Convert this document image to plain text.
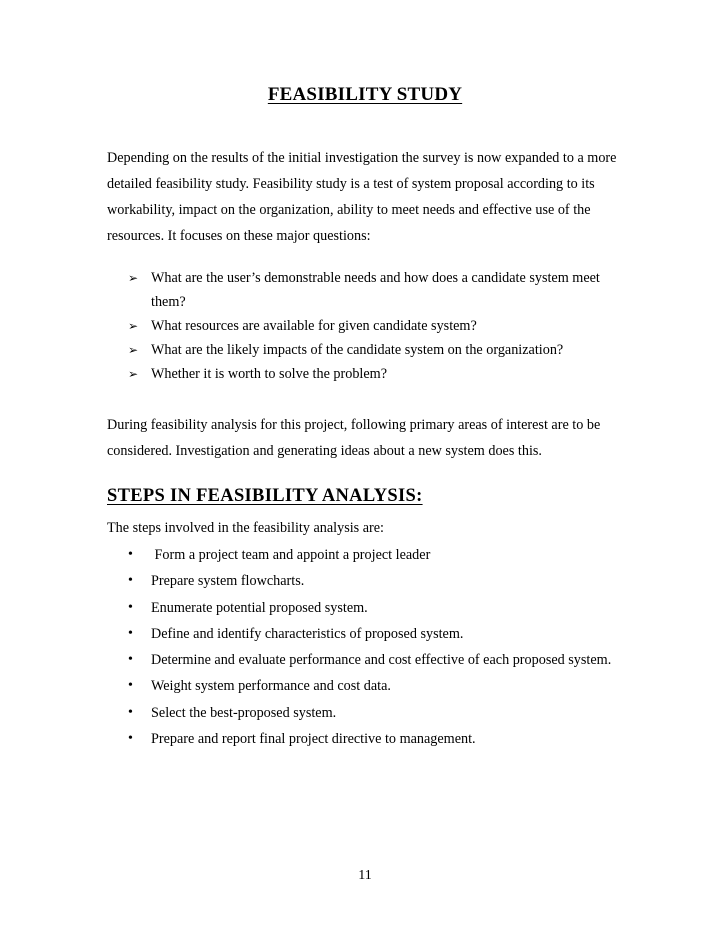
FEASIBILITY STUDY

Depending on the results of the initial investigation the survey is now expanded to a more
detailed feasibility study. Feasibility study is a test of system proposal according to its
workability, impact on the organization, ability to meet needs and effective use of the
resources. It focuses on these major questions:

➢ What are the user’s demonstrable needs and how does a candidate system meet
them?
➢ What resources are available for given candidate system?
➢ What are the likely impacts of the candidate system on the organization?
➢ Whether it is worth to solve the problem?

During feasibility analysis for this project, following primary areas of interest are to be
considered. Investigation and generating ideas about a new system does this.

STEPS IN FEASIBILITY ANALYSIS:
The steps involved in the feasibility analysis are:
• Form a project team and appoint a project leader
• Prepare system flowcharts.
• Enumerate potential proposed system.
• Define and identify characteristics of proposed system.
• Determine and evaluate performance and cost effective of each proposed system.
• Weight system performance and cost data.
• Select the best-proposed system.
• Prepare and report final project directive to management.
11
